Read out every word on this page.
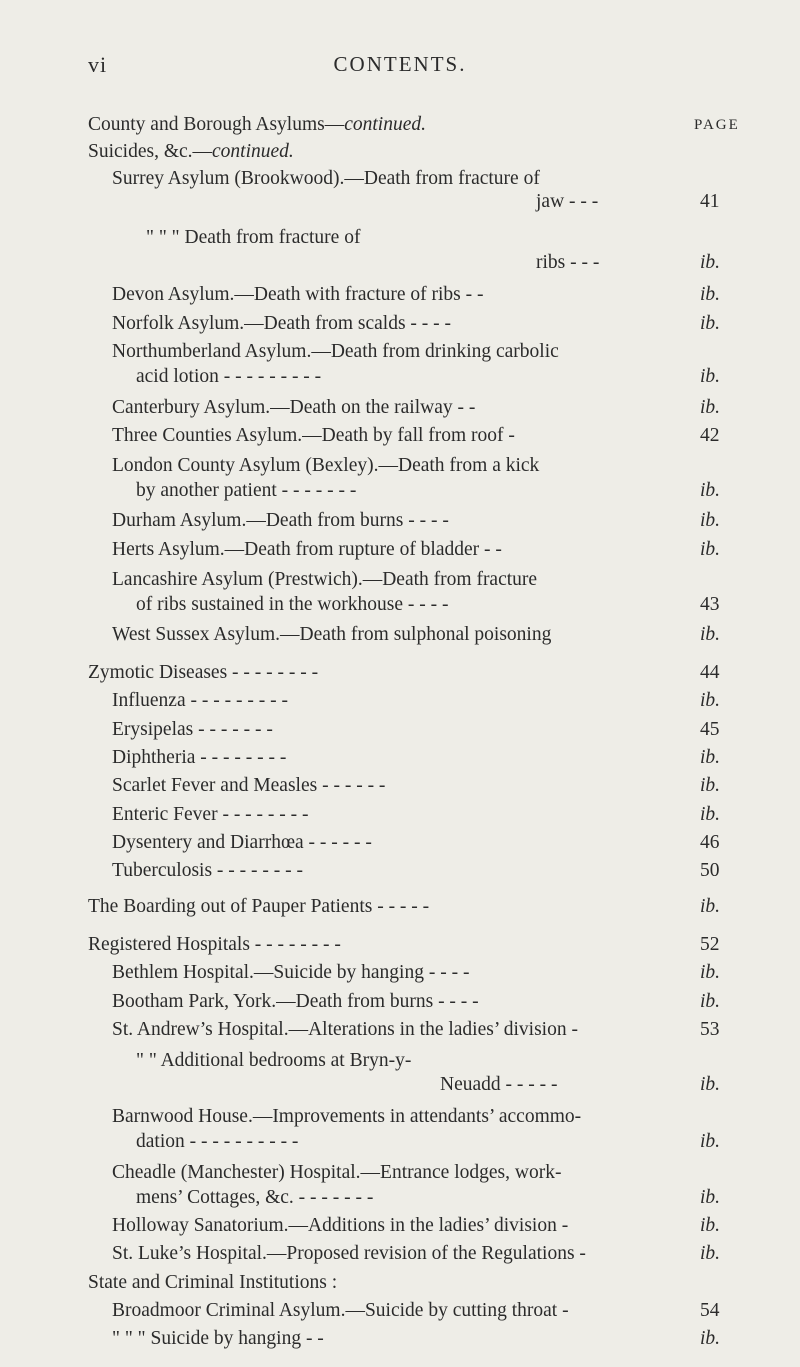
vi	CONTENTS.
PAGE
County and Borough Asylums—continued.
Suicides, &c.—continued.
Surrey Asylum (Brookwood).—Death from fracture of
jaw - - -	41
" " " Death from fracture of
ribs - - -	ib.
Devon Asylum.—Death with fracture of ribs - -	ib.
Norfolk Asylum.—Death from scalds - - - -	ib.
Northumberland Asylum.—Death from drinking carbolic
acid lotion - - - - - - - - -	ib.
Canterbury Asylum.—Death on the railway - -	ib.
Three Counties Asylum.—Death by fall from roof -	42
London County Asylum (Bexley).—Death from a kick
by another patient - - - - - - -	ib.
Durham Asylum.—Death from burns - - - -	ib.
Herts Asylum.—Death from rupture of bladder - -	ib.
Lancashire Asylum (Prestwich).—Death from fracture
of ribs sustained in the workhouse - - - -	43
West Sussex Asylum.—Death from sulphonal poisoning	ib.
Zymotic Diseases - - - - - - - -	44
Influenza - - - - - - - - -	ib.
Erysipelas - - - - - - -	45
Diphtheria - - - - - - - -	ib.
Scarlet Fever and Measles - - - - - -	ib.
Enteric Fever - - - - - - - -	ib.
Dysentery and Diarrhœa - - - - - -	46
Tuberculosis - - - - - - - -	50
The Boarding out of Pauper Patients - - - - -	ib.
Registered Hospitals - - - - - - - -	52
Bethlem Hospital.—Suicide by hanging - - - -	ib.
Bootham Park, York.—Death from burns - - - -	ib.
St. Andrew’s Hospital.—Alterations in the ladies’ division -	53
" " Additional bedrooms at Bryn-y-
Neuadd - - - - -	ib.
Barnwood House.—Improvements in attendants’ accommo-
dation - - - - - - - - - -	ib.
Cheadle (Manchester) Hospital.—Entrance lodges, work-
mens’ Cottages, &c. - - - - - - -	ib.
Holloway Sanatorium.—Additions in the ladies’ division -	ib.
St. Luke’s Hospital.—Proposed revision of the Regulations -	ib.
State and Criminal Institutions :
Broadmoor Criminal Asylum.—Suicide by cutting throat -	54
" " " Suicide by hanging - -	ib.
